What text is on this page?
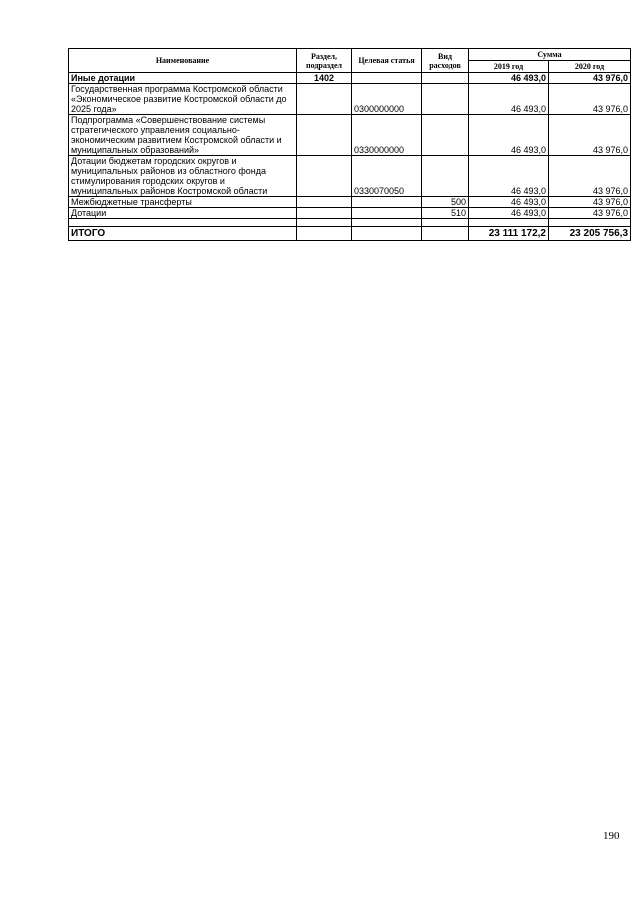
Наименование	Раздел, подраздел	Целевая статья	Вид расходов	Сумма	
				2019 год	2020 год
Иные дотации	1402			46 493,0	43 976,0
Государственная программа Костромской области «Экономическое развитие Костромской области до 2025 года»		0300000000		46 493,0	43 976,0
Подпрограмма «Совершенствование системы стратегического управления социально-экономическим развитием Костромской области и муниципальных образований»		0330000000		46 493,0	43 976,0
Дотации бюджетам городских округов и муниципальных районов из областного фонда стимулирования городских округов и муниципальных районов Костромской области		0330070050		46 493,0	43 976,0
Межбюджетные трансферты			500	46 493,0	43 976,0
Дотации			510	46 493,0	43 976,0

ИТОГО				23 111 172,2	23 205 756,3
190
